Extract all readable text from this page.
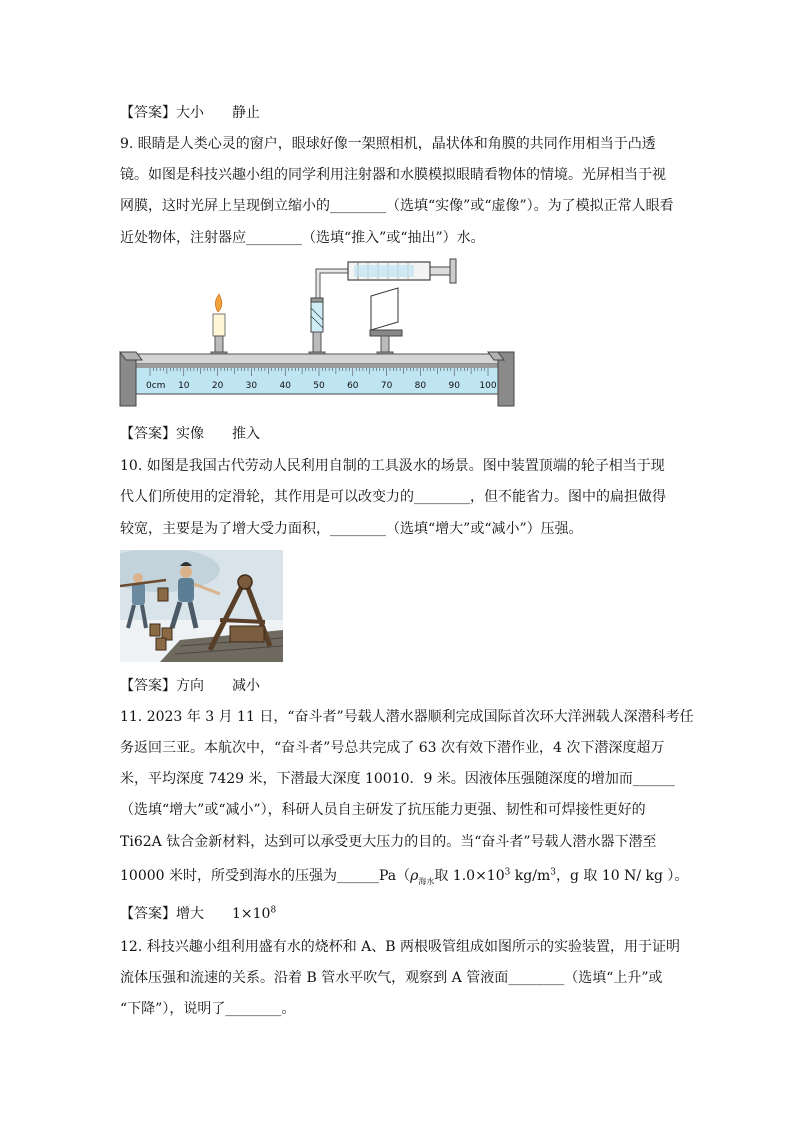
【答案】大小 静止
9. 眼睛是人类心灵的窗户，眼球好像一架照相机，晶状体和角膜的共同作用相当于凸透
镜。如图是科技兴趣小组的同学利用注射器和水膜模拟眼睛看物体的情境。光屏相当于视
网膜，这时光屏上呈现倒立缩小的________（选填“实像”或“虚像”）。为了模拟正常人眼看
近处物体，注射器应________（选填“推入”或“抽出”）水。
10 20 30 40 50 60 70 80 90 100
0cm
【答案】实像 推入
10. 如图是我国古代劳动人民利用自制的工具汲水的场景。图中装置顶端的轮子相当于现
代人们所使用的定滑轮，其作用是可以改变力的________，但不能省力。图中的扁担做得
较宽，主要是为了增大受力面积，________（选填“增大”或“减小”）压强。
【答案】方向 减小
11. 2023 年 3 月 11 日，“奋斗者”号载人潜水器顺利完成国际首次环大洋洲载人深潜科考任
务返回三亚。本航次中，“奋斗者”号总共完成了 63 次有效下潜作业，4 次下潜深度超万
米，平均深度 7429 米，下潜最大深度 10010．9 米。因液体压强随深度的增加而______
（选填“增大”或“减小”），科研人员自主研发了抗压能力更强、韧性和可焊接性更好的
Ti62A 钛合金新材料，达到可以承受更大压力的目的。当“奋斗者”号载人潜水器下潜至
10000 米时，所受到海水的压强为$\_\_\_\_\_\_Pa(\rho_{海水}$取 $1.0\times 10^3$ $kg/m^3$，g 取 10 N/ kg ）。
【答案】增大 $1\times 10^8$
12. 科技兴趣小组利用盛有水的烧杯和 A、B 两根吸管组成如图所示的实验装置，用于证明
流体压强和流速的关系。沿着 B 管水平吹气，观察到 A 管液面________（选填“上升”或
“下降”），说明了________。
